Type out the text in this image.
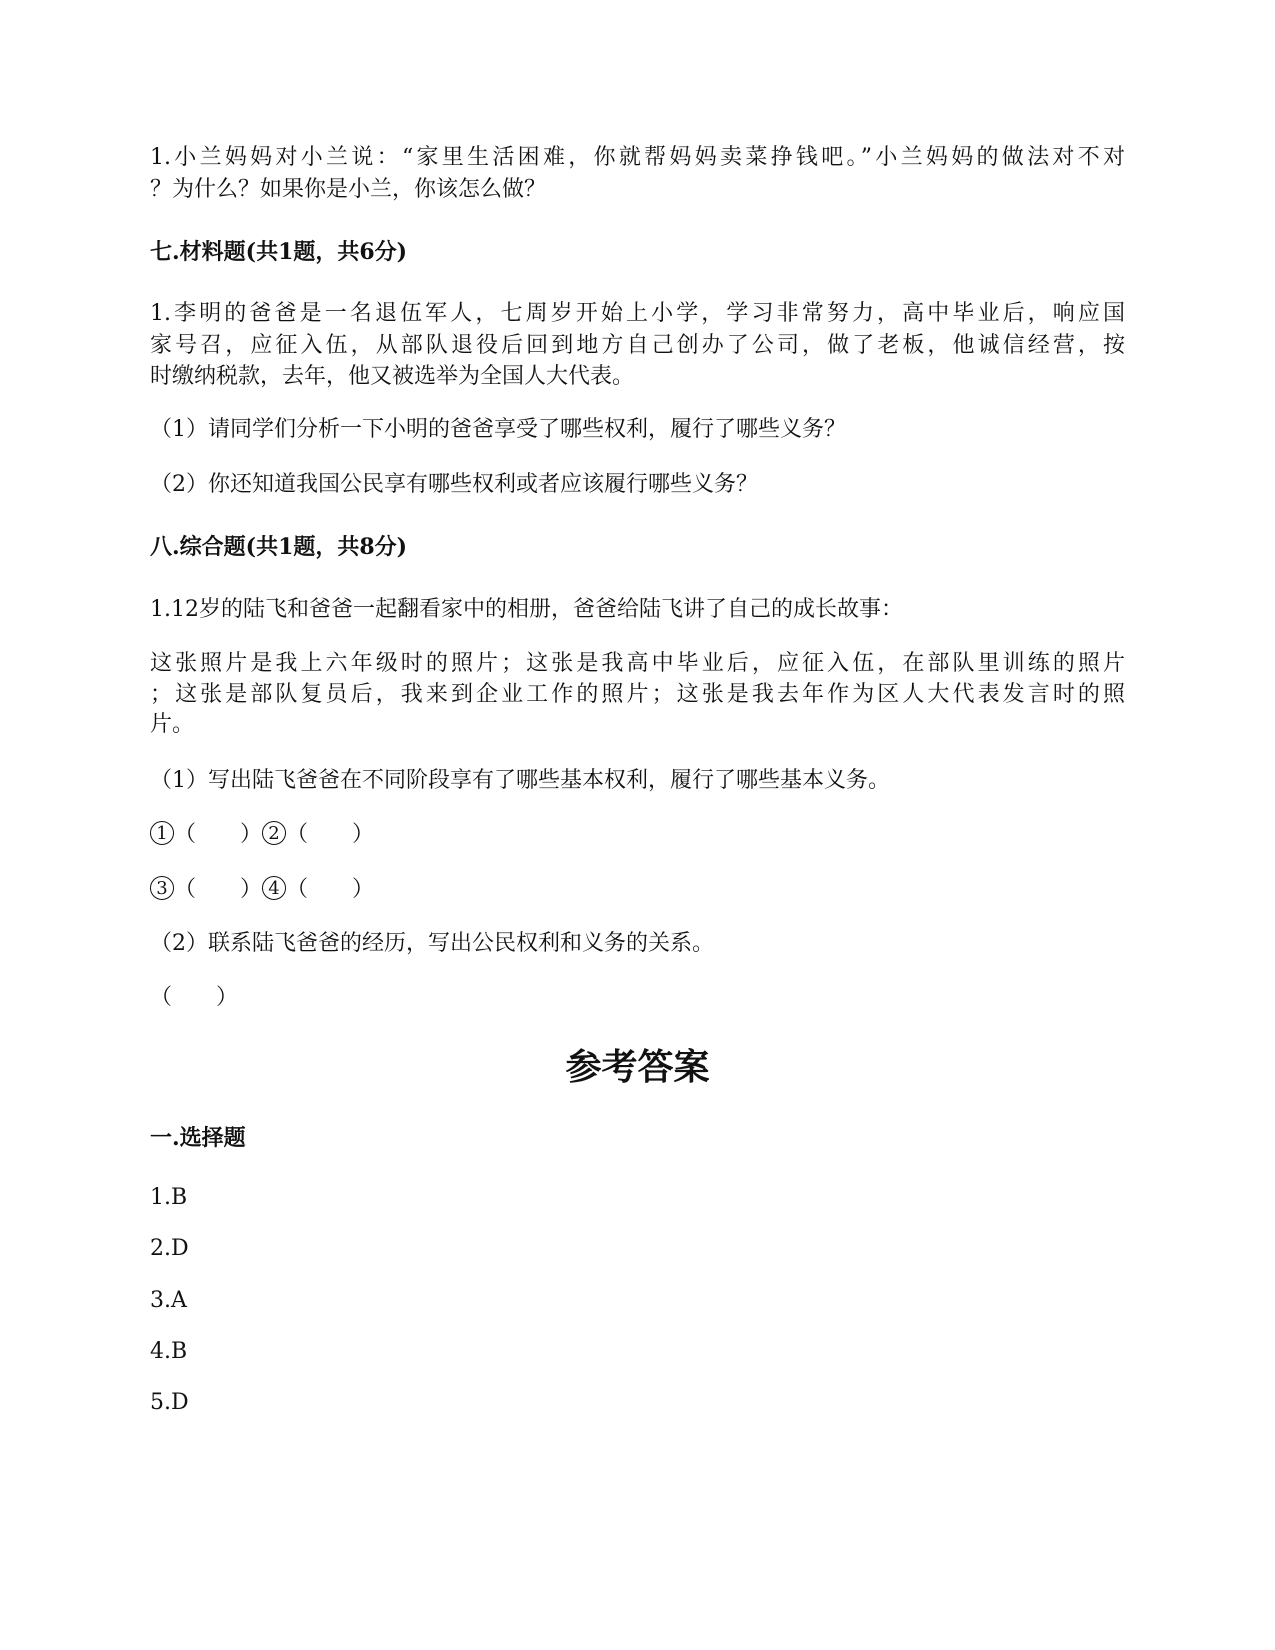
1.小兰妈妈对小兰说：“家里生活困难，你就帮妈妈卖菜挣钱吧。”小兰妈妈的做法对不对
？为什么？如果你是小兰，你该怎么做？
七.材料题(共1题，共6分)
1.李明的爸爸是一名退伍军人，七周岁开始上小学，学习非常努力，高中毕业后，响应国
家号召，应征入伍，从部队退役后回到地方自己创办了公司，做了老板，他诚信经营，按
时缴纳税款，去年，他又被选举为全国人大代表。
（1）请同学们分析一下小明的爸爸享受了哪些权利，履行了哪些义务？
（2）你还知道我国公民享有哪些权利或者应该履行哪些义务？
八.综合题(共1题，共8分)
1.12岁的陆飞和爸爸一起翻看家中的相册，爸爸给陆飞讲了自己的成长故事：
这张照片是我上六年级时的照片；这张是我高中毕业后，应征入伍，在部队里训练的照片
；这张是部队复员后，我来到企业工作的照片；这张是我去年作为区人大代表发言时的照
片。
（1）写出陆飞爸爸在不同阶段享有了哪些基本权利，履行了哪些基本义务。
1 （　　） 2 （　　）
3 （　　） 4 （　　）
（2）联系陆飞爸爸的经历，写出公民权利和义务的关系。
（　　）
参考答案
一.选择题
1.B
2.D
3.A
4.B
5.D
